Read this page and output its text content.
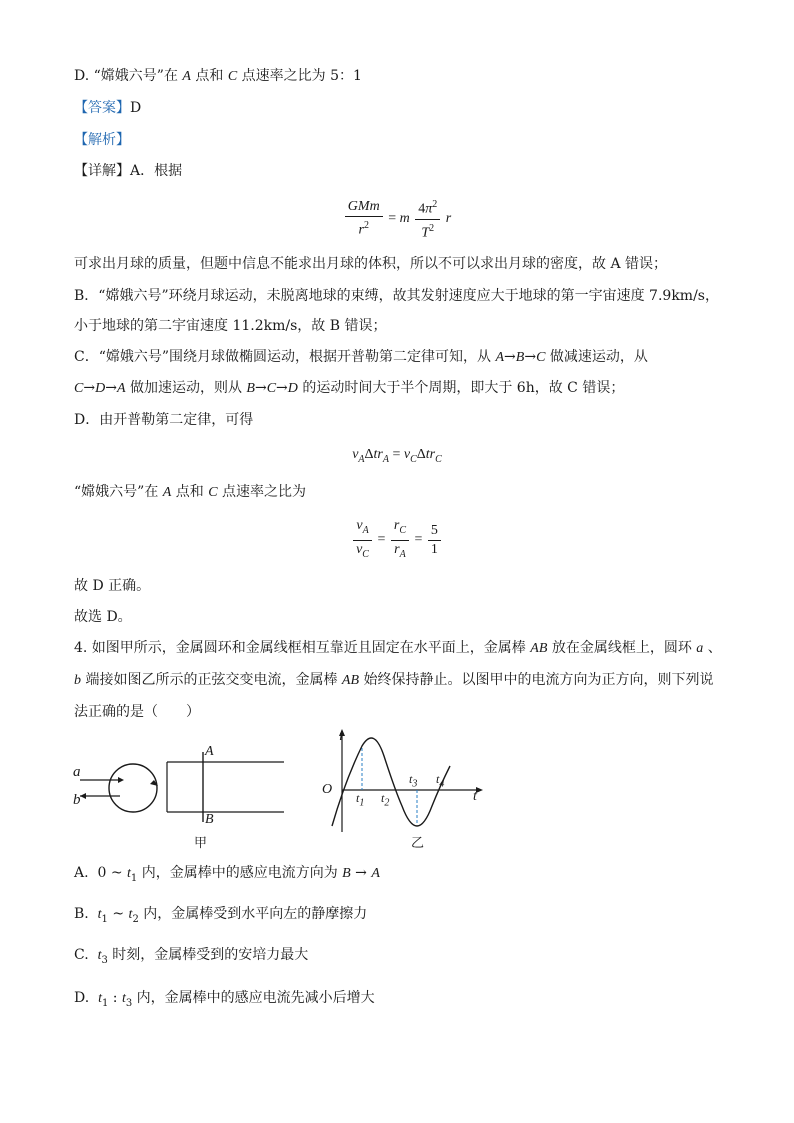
D. “嫦娥六号”在 A 点和 C 点速率之比为 5：1
【答案】D
【解析】
【详解】A．根据
$\frac{\text{GMm}}{r^2} = m \frac{4\pi^2}{T^2}$ r
可求出月球的质量，但题中信息不能求出月球的体积，所以不可以求出月球的密度，故 A 错误；
B．“嫦娥六号”环绕月球运动，未脱离地球的束缚，故其发射速度应大于地球的第一宇宙速度 7.9km/s，
小于地球的第二宇宙速度 11.2km/s，故 B 错误；
C．“嫦娥六号”围绕月球做椭圆运动，根据开普勒第二定律可知，从 A→B→C 做减速运动，从
C→D→A 做加速运动，则从 B→C→D 的运动时间大于半个周期，即大于 6h，故 C 错误；
D．由开普勒第二定律，可得
$v_A\Delta tr_A = v_C\Delta tr_C$
“嫦娥六号”在 A 点和 C 点速率之比为
$\frac{v_A}{v_C} = \frac{r_C}{r_A} = \frac{5}{1}$
故 D 正确。
故选 D。
4. 如图甲所示，金属圆环和金属线框相互靠近且固定在水平面上，金属棒 AB 放在金属线框上，圆环 a 、
b 端接如图乙所示的正弦交变电流，金属棒 AB 始终保持静止。以图甲中的电流方向为正方向，则下列说
法正确的是（　　）
a
b
A
B
甲
i
O	t
$t_1$ $t_2$
$t_3$ $t_4$
乙
A.  0 ~ $t_1$ 内，金属棒中的感应电流方向为 B → A
B.  $t_1$ ~ $t_2$ 内，金属棒受到水平向左的静摩擦力
C.  $t_3$ 时刻，金属棒受到的安培力最大
D.  $t_1$ : $t_3$ 内，金属棒中的感应电流先减小后增大
